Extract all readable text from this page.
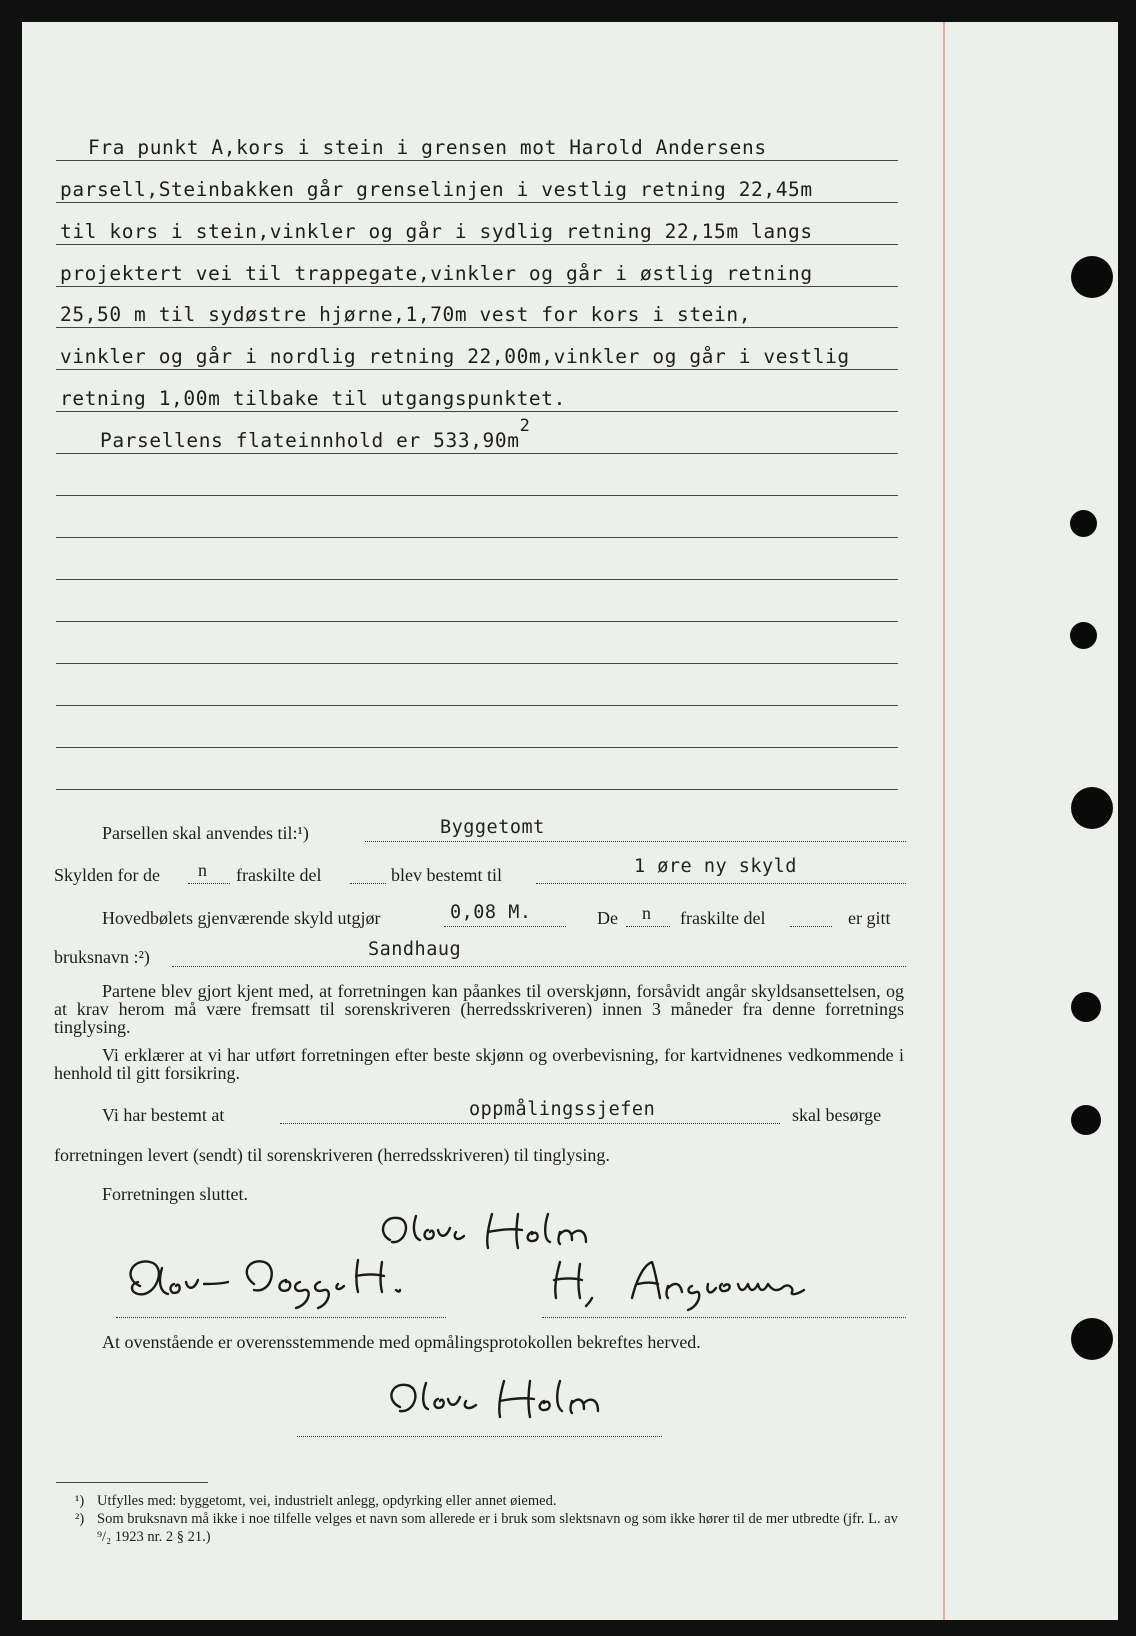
Fra punkt A,kors i stein i grensen mot Harold Andersens
parsell,Steinbakken går grenselinjen i vestlig retning 22,45m
til kors i stein,vinkler og går i sydlig retning 22,15m langs
projektert vei til trappegate,vinkler og går i østlig retning
25,50 m til sydøstre hjørne,1,70m vest for kors i stein,
vinkler og går i nordlig retning 22,00m,vinkler og går i vestlig
retning 1,00m tilbake til utgangspunktet.
Parsellens flateinnhold er 533,90m2
Parsellen skal anvendes til:¹)	Byggetomt
Skylden for de n fraskilte del	blev bestemt til	1 øre ny skyld
Hovedbølets gjenværende skyld utgjør	0,08 M.	De n fraskilte del	er gitt
bruksnavn :²)	Sandhaug
Partene blev gjort kjent med, at forretningen kan påankes til overskjønn, forsåvidt angår skyldsansettelsen, og at krav herom må være fremsatt til sorenskriveren (herredsskriveren) innen 3 måneder fra denne forretnings tinglysing.
Vi erklærer at vi har utført forretningen efter beste skjønn og overbevisning, for kartvidnenes vedkommende i henhold til gitt forsikring.
Vi har bestemt at	oppmålingssjefen	skal besørge
forretningen levert (sendt) til sorenskriveren (herredsskriveren) til tinglysing.
Forretningen sluttet.
At ovenstående er overensstemmende med opmålingsprotokollen bekreftes herved.
¹) Utfylles med: byggetomt, vei, industrielt anlegg, opdyrking eller annet øiemed.
²) Som bruksnavn må ikke i noe tilfelle velges et navn som allerede er i bruk som slektsnavn og som ikke hører til de mer utbredte (jfr. L. av ⁹/₂ 1923 nr. 2 § 21.)
